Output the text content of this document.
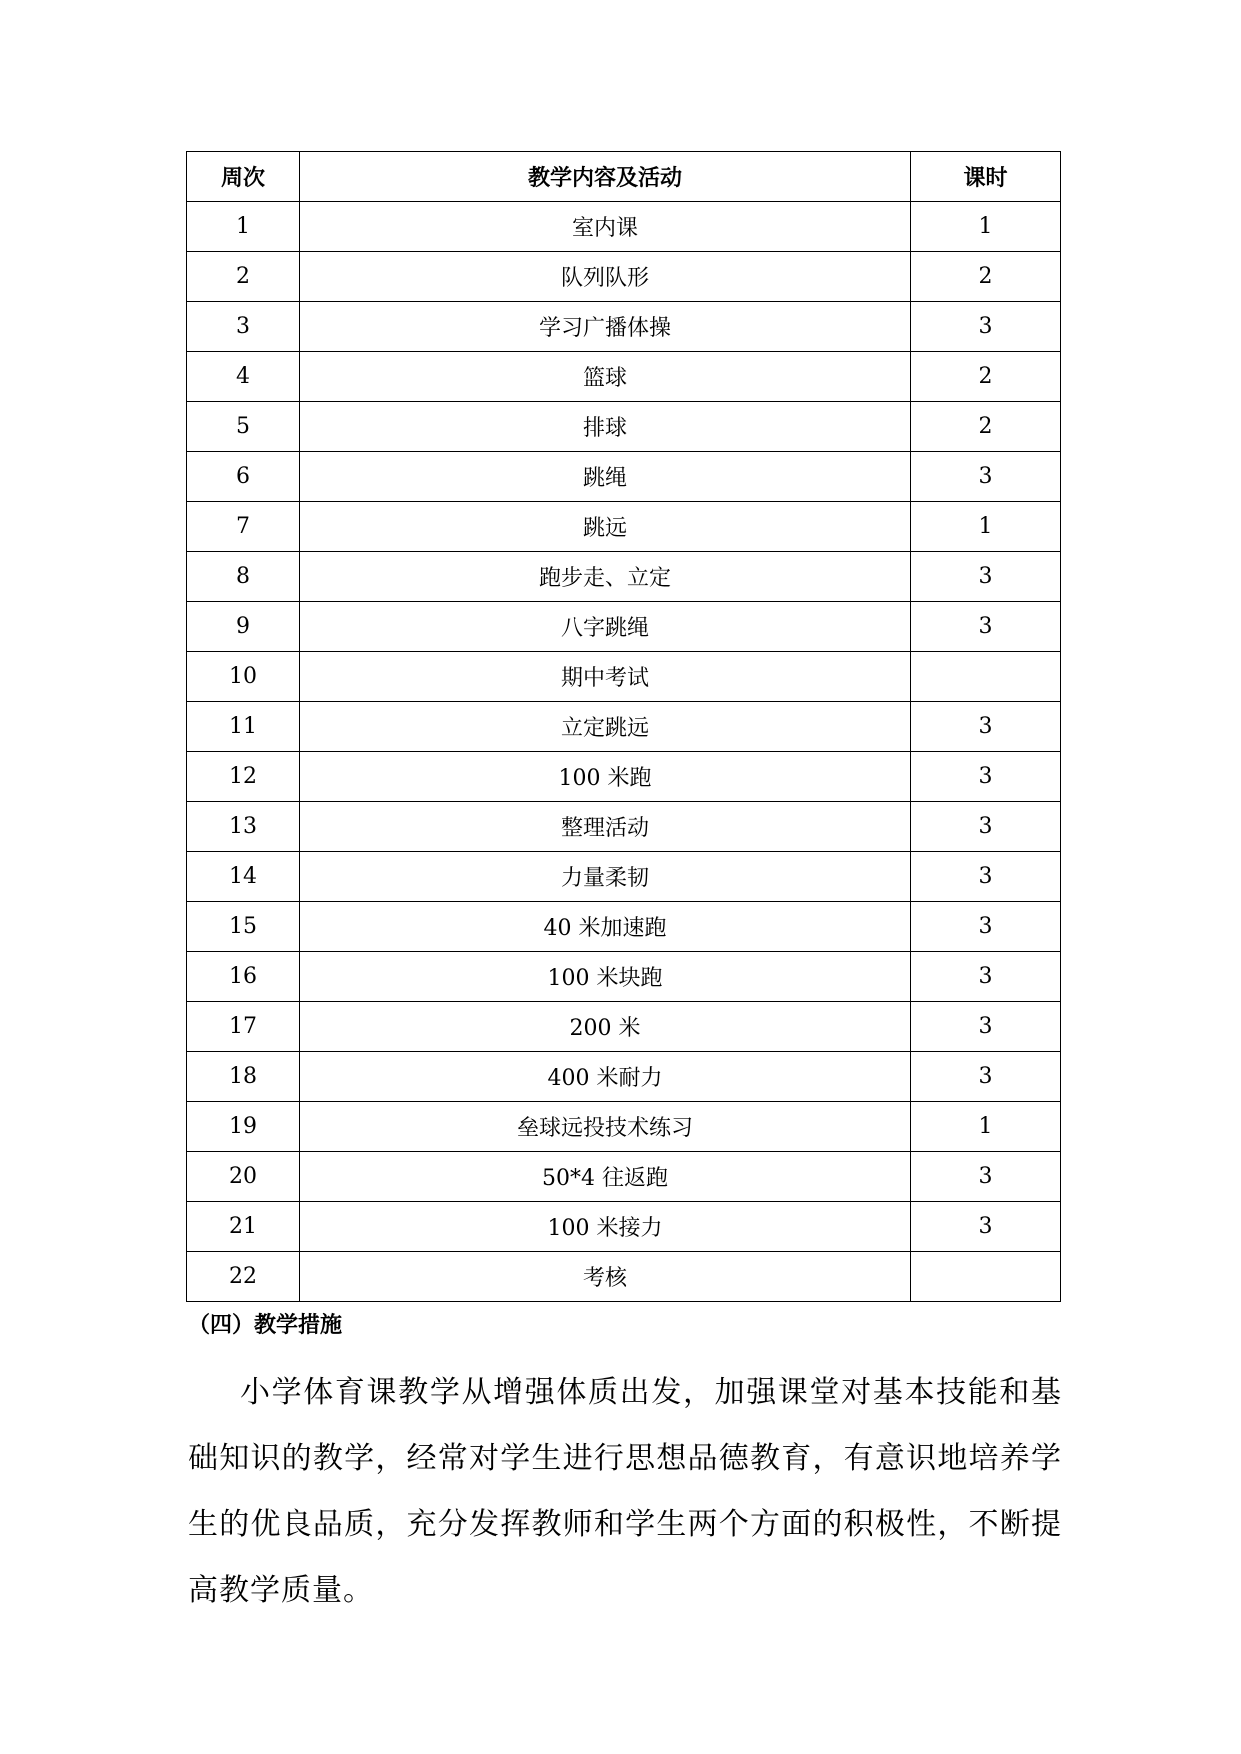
周次	教学内容及活动	课时
1	室内课	1
2	队列队形	2
3	学习广播体操	3
4	篮球	2
5	排球	2
6	跳绳	3
7	跳远	1
8	跑步走、立定	3
9	八字跳绳	3
10	期中考试	
11	立定跳远	3
12	100 米跑	3
13	整理活动	3
14	力量柔韧	3
15	40 米加速跑	3
16	100 米块跑	3
17	200 米	3
18	400 米耐力	3
19	垒球远投技术练习	1
20	50*4 往返跑	3
21	100 米接力	3
22	考核	
（四）教学措施

小学体育课教学从增强体质出发，加强课堂对基本技能和基础知识的教学，经常对学生进行思想品德教育，有意识地培养学生的优良品质，充分发挥教师和学生两个方面的积极性，不断提高教学质量。
